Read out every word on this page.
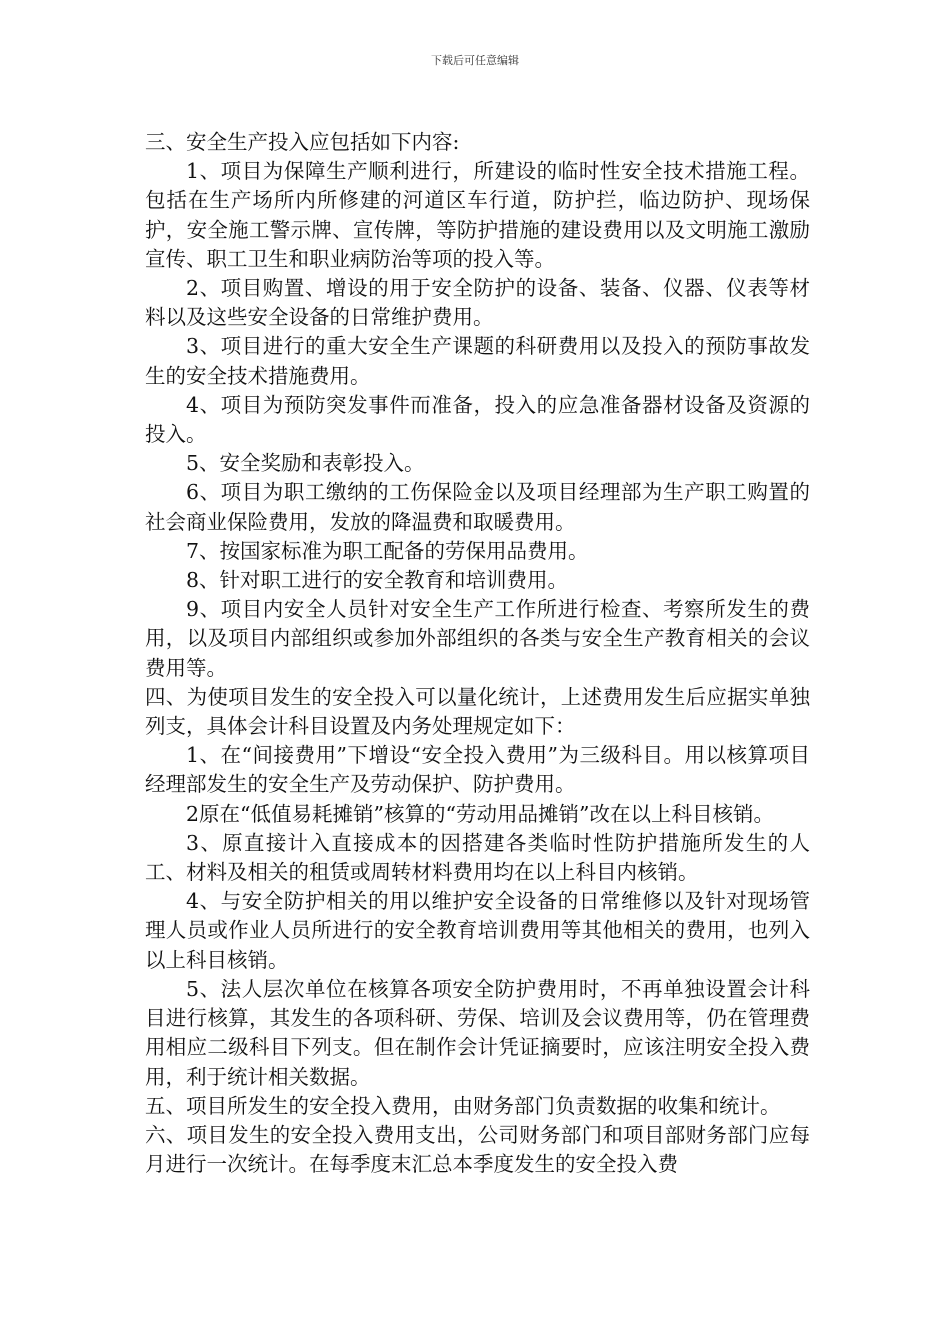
下载后可任意编辑

三、安全生产投入应包括如下内容:

1、项目为保障生产顺利进行，所建设的临时性安全技术措施工程。包括在生产场所内所修建的河道区车行道，防护拦，临边防护、现场保护，安全施工警示牌、宣传牌，等防护措施的建设费用以及文明施工激励宣传、职工卫生和职业病防治等项的投入等。

2、项目购置、增设的用于安全防护的设备、装备、仪器、仪表等材料以及这些安全设备的日常维护费用。

3、项目进行的重大安全生产课题的科研费用以及投入的预防事故发生的安全技术措施费用。

4、项目为预防突发事件而准备，投入的应急准备器材设备及资源的投入。

5、安全奖励和表彰投入。

6、项目为职工缴纳的工伤保险金以及项目经理部为生产职工购置的社会商业保险费用，发放的降温费和取暖费用。

7、按国家标准为职工配备的劳保用品费用。

8、针对职工进行的安全教育和培训费用。

9、项目内安全人员针对安全生产工作所进行检查、考察所发生的费用，以及项目内部组织或参加外部组织的各类与安全生产教育相关的会议费用等。

四、为使项目发生的安全投入可以量化统计，上述费用发生后应据实单独列支，具体会计科目设置及内务处理规定如下：

1、在“间接费用”下增设“安全投入费用”为三级科目。用以核算项目经理部发生的安全生产及劳动保护、防护费用。

2原在“低值易耗摊销”核算的“劳动用品摊销”改在以上科目核销。

3、原直接计入直接成本的因搭建各类临时性防护措施所发生的人工、材料及相关的租赁或周转材料费用均在以上科目内核销。

4、与安全防护相关的用以维护安全设备的日常维修以及针对现场管理人员或作业人员所进行的安全教育培训费用等其他相关的费用，也列入以上科目核销。

5、法人层次单位在核算各项安全防护费用时，不再单独设置会计科目进行核算，其发生的各项科研、劳保、培训及会议费用等，仍在管理费用相应二级科目下列支。但在制作会计凭证摘要时，应该注明安全投入费用，利于统计相关数据。

五、项目所发生的安全投入费用，由财务部门负责数据的收集和统计。

六、项目发生的安全投入费用支出，公司财务部门和项目部财务部门应每月进行一次统计。在每季度末汇总本季度发生的安全投入费
